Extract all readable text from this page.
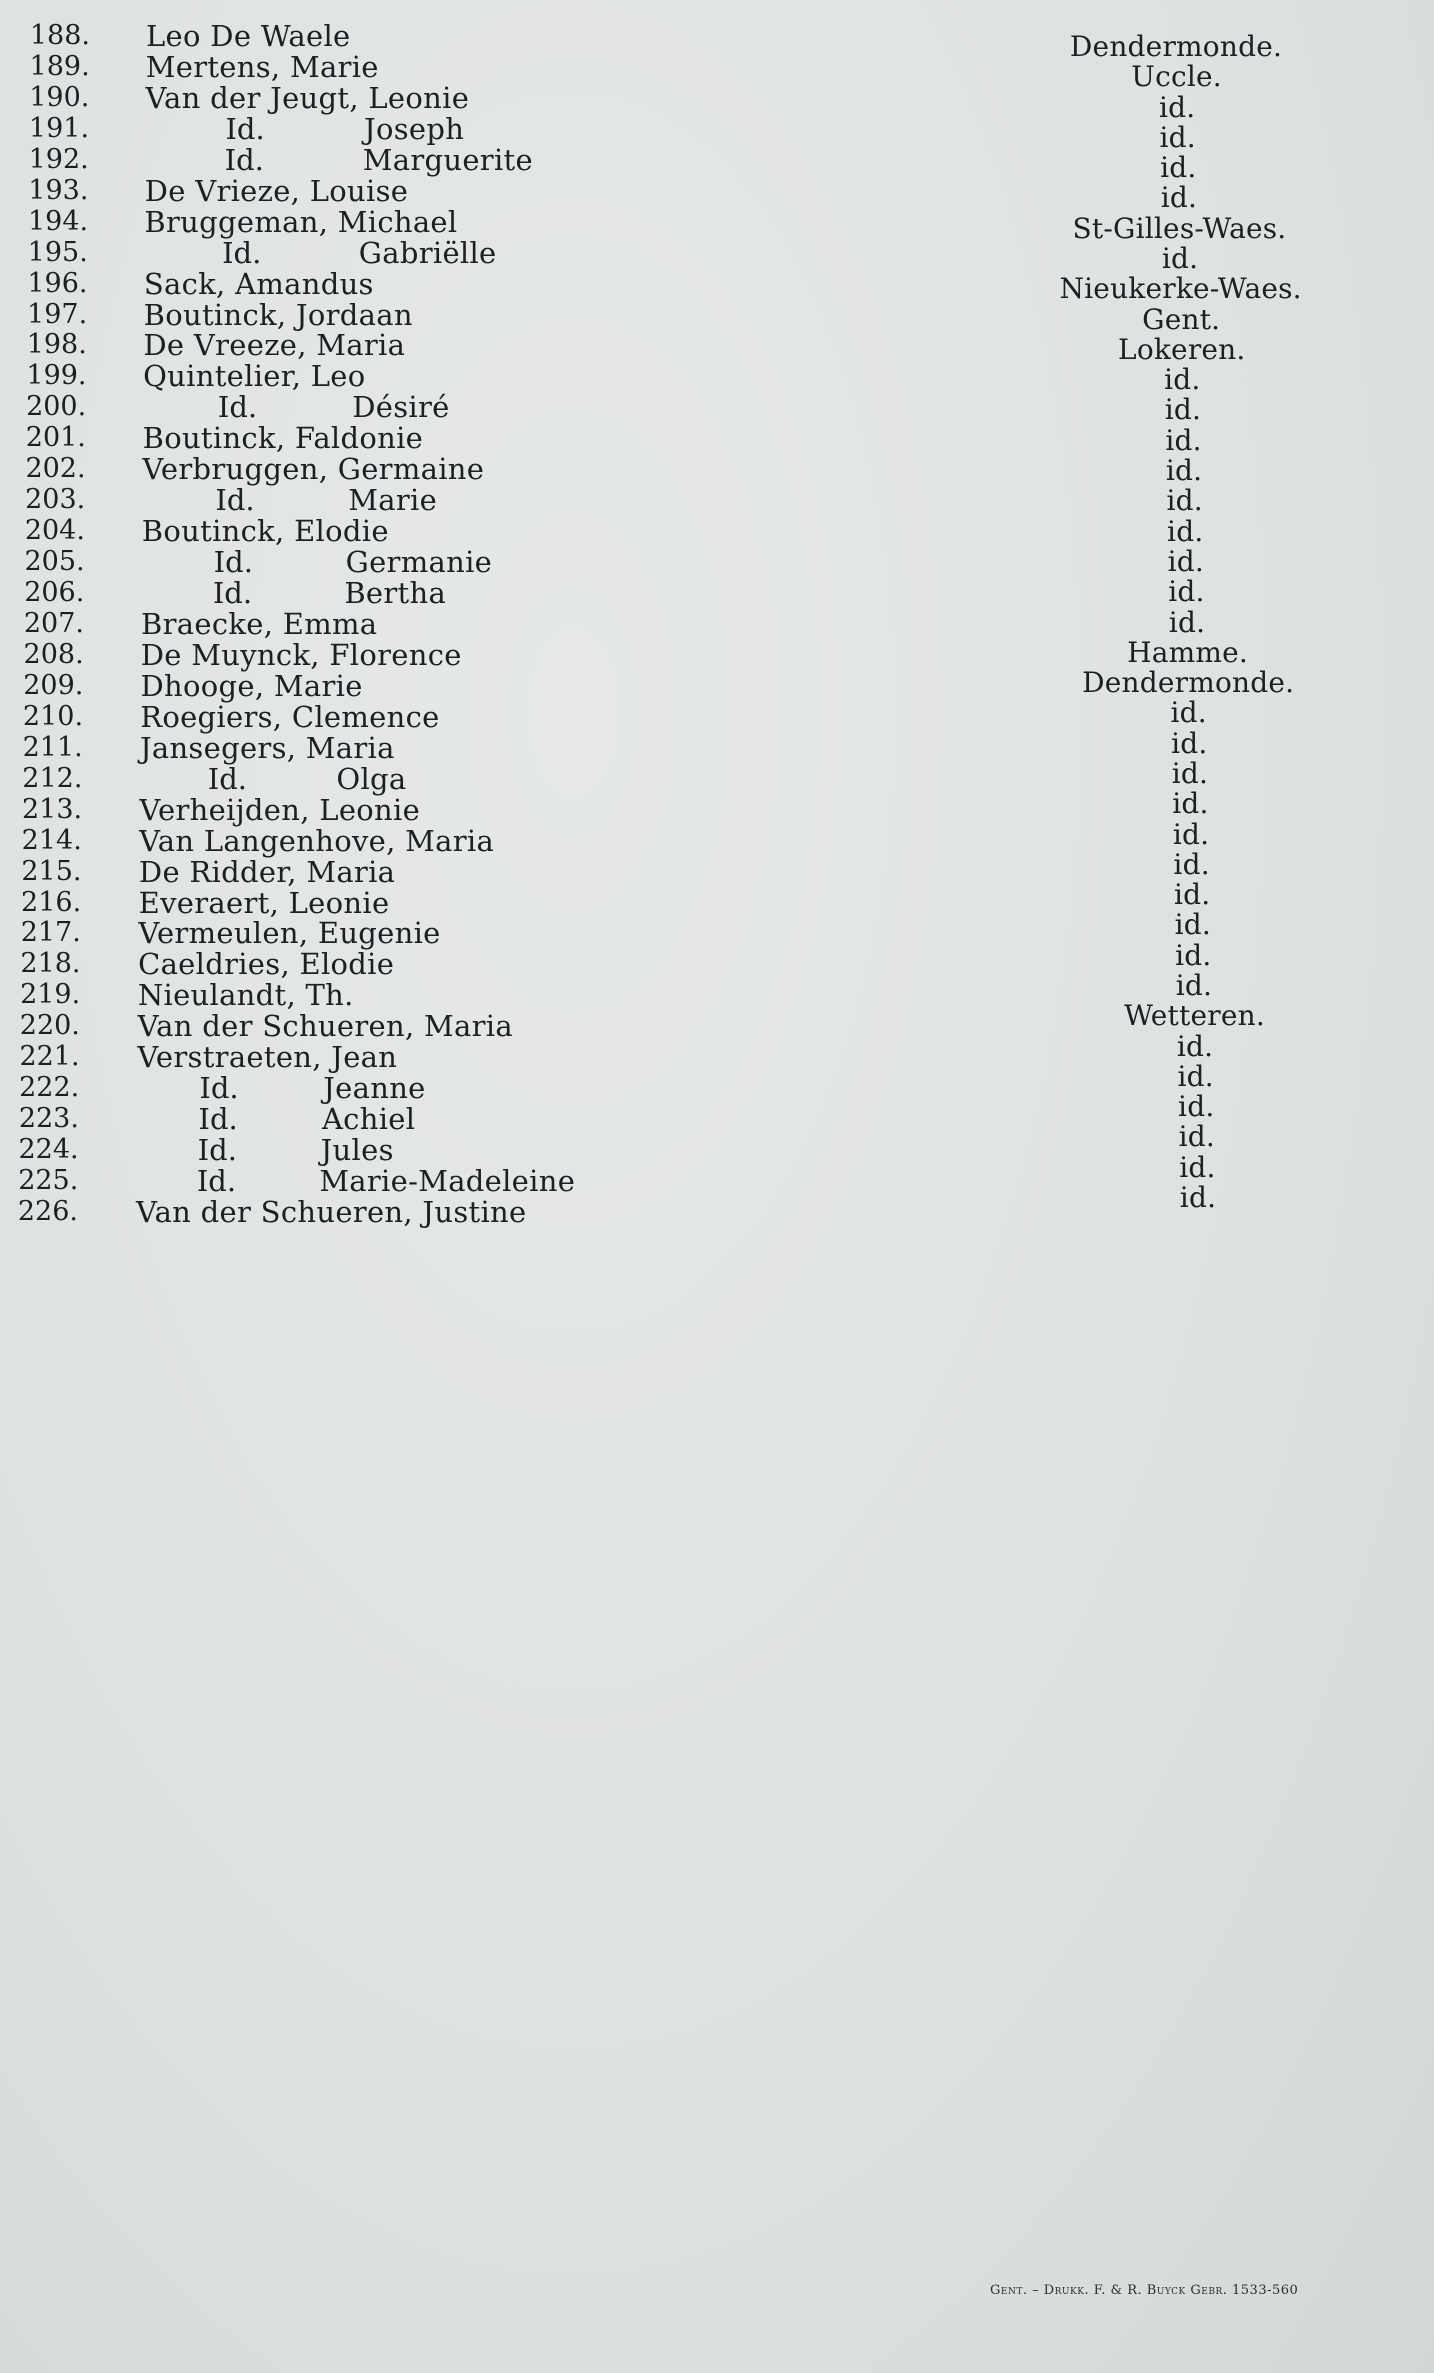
188. Leo De Waele	Dendermonde.
189. Mertens, Marie	Uccle.
190. Van der Jeugt, Leonie	id.
191.	Id.	Joseph	id.
192.	Id.	Marguerite	id.
193. De Vrieze, Louise	id.
194. Bruggeman, Michael	St-Gilles-Waes.
195.	Id.	Gabriëlle	id.
196. Sack, Amandus	Nieukerke-Waes.
197. Boutinck, Jordaan	Gent.
198. De Vreeze, Maria	Lokeren.
199. Quintelier, Leo	id.
200.	Id.	Désiré	id.
201. Boutinck, Faldonie	id.
202. Verbruggen, Germaine	id.
203.	Id.	Marie	id.
204. Boutinck, Elodie	id.
205.	Id.	Germanie	id.
206.	Id.	Bertha	id.
207. Braecke, Emma	id.
208. De Muynck, Florence	Hamme.
209. Dhooge, Marie	Dendermonde.
210. Roegiers, Clemence	id.
211. Jansegers, Maria	id.
212.	Id.	Olga	id.
213. Verheijden, Leonie	id.
214. Van Langenhove, Maria	id.
215. De Ridder, Maria	id.
216. Everaert, Leonie	id.
217. Vermeulen, Eugenie	id.
218. Caeldries, Elodie	id.
219. Nieulandt, Th.	id.
220. Van der Schueren, Maria	Wetteren.
221. Verstraeten, Jean	id.
222.	Id.	Jeanne	id.
223.	Id.	Achiel	id.
224.	Id.	Jules	id.
225.	Id.	Marie-Madeleine	id.
226. Van der Schueren, Justine	id.
Gent. – Drukk. F. & R. Buyck Gebr. 1533-560
